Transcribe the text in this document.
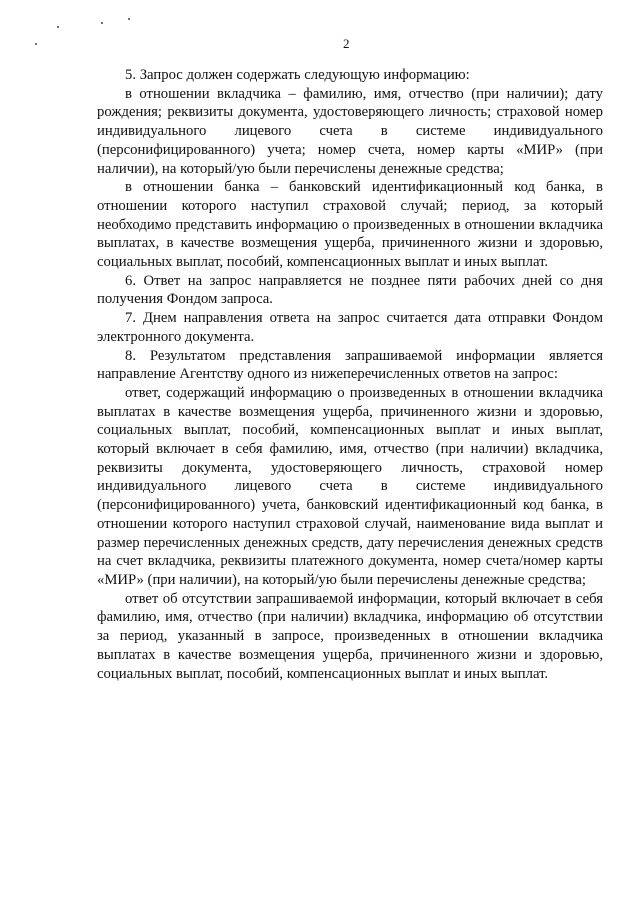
2

5. Запрос должен содержать следующую информацию:

в отношении вкладчика – фамилию, имя, отчество (при наличии); дату рождения; реквизиты документа, удостоверяющего личность; страховой номер индивидуального лицевого счета в системе индивидуального (персонифицированного) учета; номер счета, номер карты «МИР» (при наличии), на который/ую были перечислены денежные средства;

в отношении банка – банковский идентификационный код банка, в отношении которого наступил страховой случай; период, за который необходимо представить информацию о произведенных в отношении вкладчика выплатах, в качестве возмещения ущерба, причиненного жизни и здоровью, социальных выплат, пособий, компенсационных выплат и иных выплат.

6. Ответ на запрос направляется не позднее пяти рабочих дней со дня получения Фондом запроса.

7. Днем направления ответа на запрос считается дата отправки Фондом электронного документа.

8. Результатом представления запрашиваемой информации является направление Агентству одного из нижеперечисленных ответов на запрос:

ответ, содержащий информацию о произведенных в отношении вкладчика выплатах в качестве возмещения ущерба, причиненного жизни и здоровью, социальных выплат, пособий, компенсационных выплат и иных выплат, который включает в себя фамилию, имя, отчество (при наличии) вкладчика, реквизиты документа, удостоверяющего личность, страховой номер индивидуального лицевого счета в системе индивидуального (персонифицированного) учета, банковский идентификационный код банка, в отношении которого наступил страховой случай, наименование вида выплат и размер перечисленных денежных средств, дату перечисления денежных средств на счет вкладчика, реквизиты платежного документа, номер счета/номер карты «МИР» (при наличии), на который/ую были перечислены денежные средства;

ответ об отсутствии запрашиваемой информации, который включает в себя фамилию, имя, отчество (при наличии) вкладчика, информацию об отсутствии за период, указанный в запросе, произведенных в отношении вкладчика выплатах в качестве возмещения ущерба, причиненного жизни и здоровью, социальных выплат, пособий, компенсационных выплат и иных выплат.
